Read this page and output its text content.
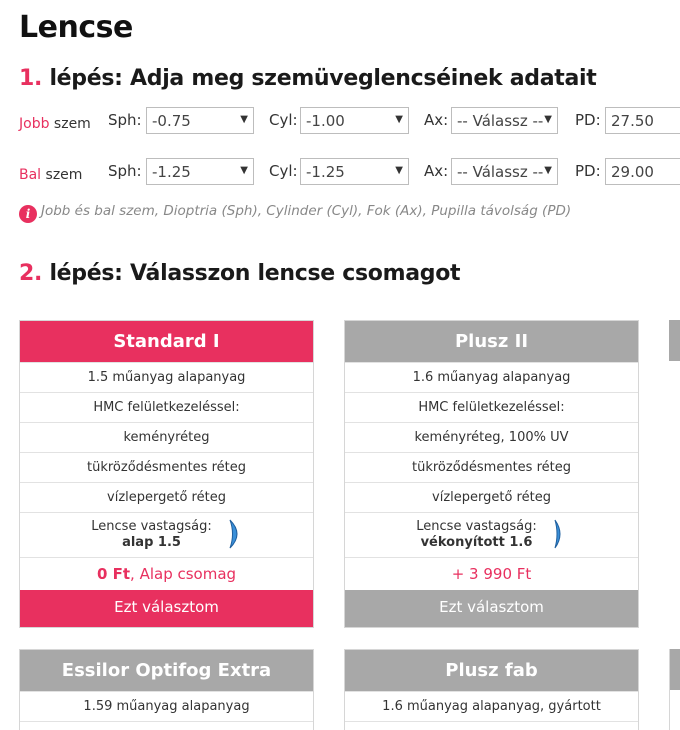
Lencse
1. lépés: Adja meg szemüveglencséinek adatait
Jobb szem Sph: -0.75	▼ Cyl: -1.00	▼ Ax: -- Válassz -- ▼ PD: 27.50
Bal szem Sph: -1.25	▼ Cyl: -1.25	▼ Ax: -- Válassz -- ▼ PD: 29.00
i Jobb és bal szem, Dioptria (Sph), Cylinder (Cyl), Fok (Ax), Pupilla távolság (PD)
2. lépés: Válasszon lencse csomagot
Standard I
1.5 műanyag alapanyag
HMC felületkezeléssel:
keményréteg
tükröződésmentes réteg
vízlepergető réteg
Lencse vastagság:
alap 1.5
0 Ft, Alap csomag
Ezt választom
Plusz II
1.6 műanyag alapanyag
HMC felületkezeléssel:
keményréteg, 100% UV
tükröződésmentes réteg
vízlepergető réteg
Lencse vastagság:
vékonyított 1.6
+ 3 990 Ft
Ezt választom
Essilor Optifog Extra
1.59 műanyag alapanyag
Plusz fab
1.6 műanyag alapanyag, gyártott
